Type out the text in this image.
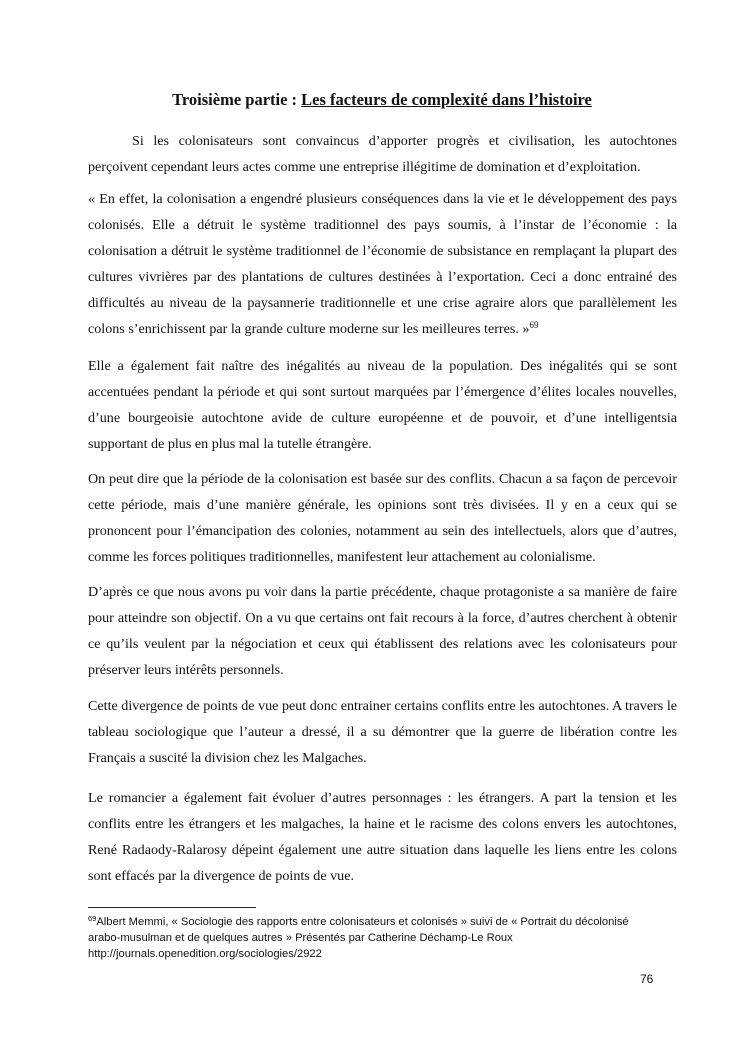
Troisième partie : Les facteurs de complexité dans l’histoire

Si les colonisateurs sont convaincus d’apporter progrès et civilisation, les autochtones perçoivent cependant leurs actes comme une entreprise illégitime de domination et d’exploitation.

« En effet, la colonisation a engendré plusieurs conséquences dans la vie et le développement des pays colonisés. Elle a détruit le système traditionnel des pays soumis, à l’instar de l’économie : la colonisation a détruit le système traditionnel de l’économie de subsistance en remplaçant la plupart des cultures vivrières par des plantations de cultures destinées à l’exportation. Ceci a donc entrainé des difficultés au niveau de la paysannerie traditionnelle et une crise agraire alors que parallèlement les colons s’enrichissent par la grande culture moderne sur les meilleures terres. »$^{69}$

Elle a également fait naître des inégalités au niveau de la population. Des inégalités qui se sont accentuées pendant la période et qui sont surtout marquées par l’émergence d’élites locales nouvelles, d’une bourgeoisie autochtone avide de culture européenne et de pouvoir, et d’une intelligentsia supportant de plus en plus mal la tutelle étrangère.

On peut dire que la période de la colonisation est basée sur des conflits. Chacun a sa façon de percevoir cette période, mais d’une manière générale, les opinions sont très divisées. Il y en a ceux qui se prononcent pour l’émancipation des colonies, notamment au sein des intellectuels, alors que d’autres, comme les forces politiques traditionnelles, manifestent leur attachement au colonialisme.

D’après ce que nous avons pu voir dans la partie précédente, chaque protagoniste a sa manière de faire pour atteindre son objectif. On a vu que certains ont fait recours à la force, d’autres cherchent à obtenir ce qu’ils veulent par la négociation et ceux qui établissent des relations avec les colonisateurs pour préserver leurs intérêts personnels.

Cette divergence de points de vue peut donc entrainer certains conflits entre les autochtones. A travers le tableau sociologique que l’auteur a dressé, il a su démontrer que la guerre de libération contre les Français a suscité la division chez les Malgaches.

Le romancier a également fait évoluer d’autres personnages : les étrangers. A part la tension et les conflits entre les étrangers et les malgaches, la haine et le racisme des colons envers les autochtones, René Radaody-Ralarosy dépeint également une autre situation dans laquelle les liens entre les colons sont effacés par la divergence de points de vue.

$^{69}$Albert Memmi, « Sociologie des rapports entre colonisateurs et colonisés » suivi de « Portrait du décolonisé
arabo-musulman et de quelques autres » Présentés par Catherine Déchamp-Le Roux
http://journals.openedition.org/sociologies/2922

76
